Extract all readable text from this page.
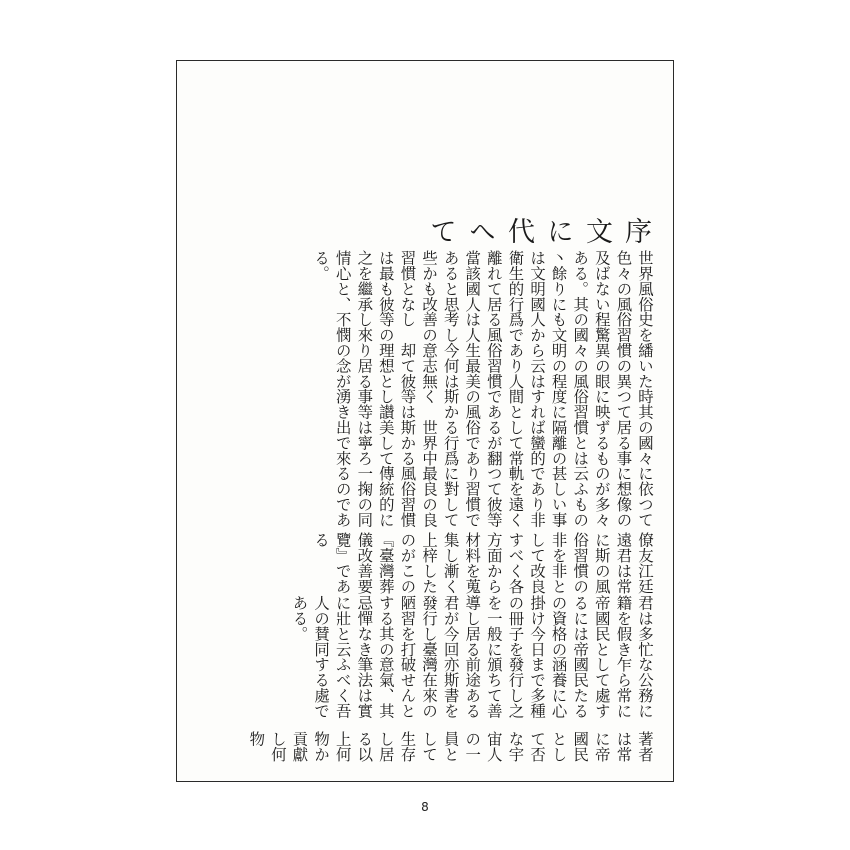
序文に代へて

世界風俗史を繙いた時其の國々に依つて色々の風俗習慣の異つて居る事に想像の及ばない程驚異の眼に映ずるものが多々ある。其の國々の風俗習慣とは云ふもの丶餘りにも文明の程度に隔離の甚しい事は文明國人から云はすれば蠻的であり非衛生的行爲であり人間として常軌を遠く離れて居る風俗習慣であるが翻つて彼等當該國人は人生最美の風俗であり習慣であると思考し今何は斯かる行爲に對して些かも改善の意志無く　世界中最良の良習慣となし　却て彼等は斯かる風俗習慣は最も彼等の理想とし讃美して傳統的に之を繼承し來り居る事等は寧ろ一掬の同情心と、不憫の念が湧き出で來るのである。

僚友江廷遠君は常に斯の風俗習慣の非を非として改良すべく各方面から材料を蒐集し漸く上梓したのがこの『臺灣葬儀改善要覽』である

君は多忙な公務に籍を假き乍ら常に帝國民として處するには帝國民たるの資格の涵養に心掛け今日まで多種の冊子を發行し之を一般に頒ちて善導し居る前途ある君が今回亦斯書を發行し臺灣在來の陋習を打破せんとする其の意氣、其忌憚なき筆法は實に壯と云ふべく吾人の賛同する處である。

著者は常に帝國民として否な宇宙人の一員として生存し居る以上何物か貢獻し何物

8
